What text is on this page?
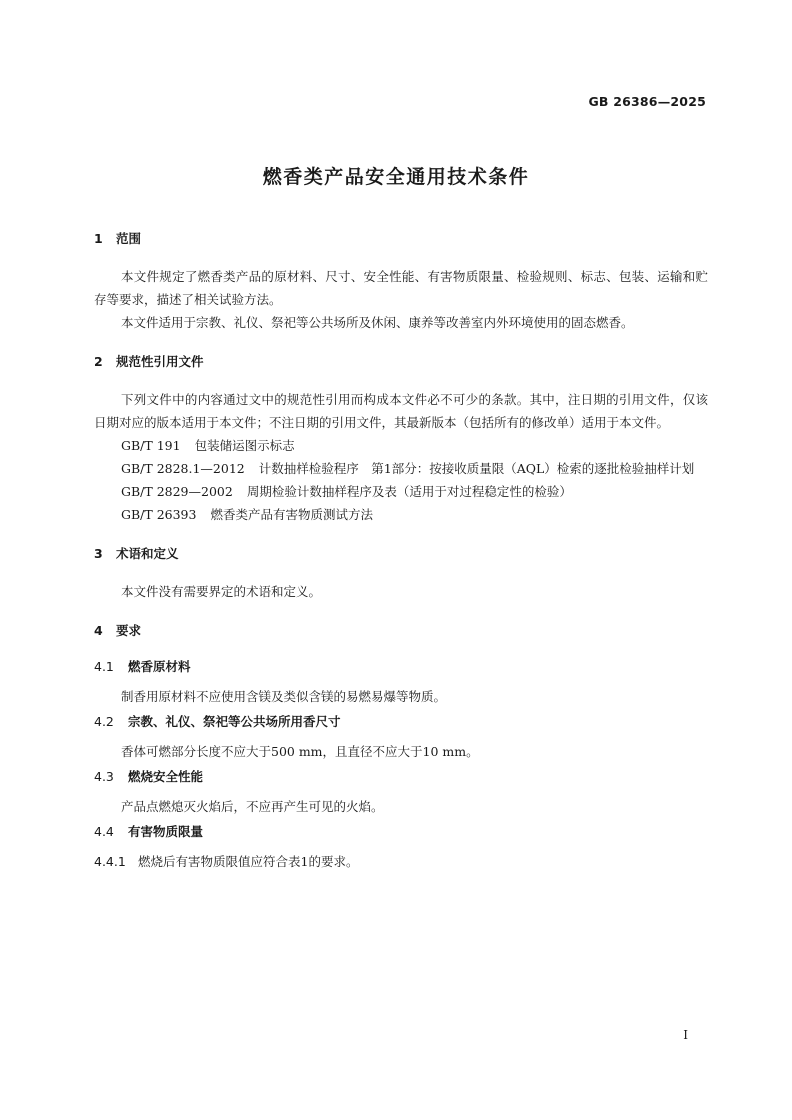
GB 26386—2025
燃香类产品安全通用技术条件
1	范围

本文件规定了燃香类产品的原材料、尺寸、安全性能、有害物质限量、检验规则、标志、包装、运输和贮存等要求，描述了相关试验方法。

本文件适用于宗教、礼仪、祭祀等公共场所及休闲、康养等改善室内外环境使用的固态燃香。

2	规范性引用文件

下列文件中的内容通过文中的规范性引用而构成本文件必不可少的条款。其中，注日期的引用文件，仅该日期对应的版本适用于本文件；不注日期的引用文件，其最新版本（包括所有的修改单）适用于本文件。

GB/T 191 包装储运图示标志

GB/T 2828.1—2012 计数抽样检验程序　第1部分：按接收质量限（AQL）检索的逐批检验抽样计划

GB/T 2829—2002 周期检验计数抽样程序及表（适用于对过程稳定性的检验）

GB/T 26393 燃香类产品有害物质测试方法

3	术语和定义

本文件没有需要界定的术语和定义。

4	要求
4.1	燃香原材料

制香用原材料不应使用含镁及类似含镁的易燃易爆等物质。

4.2	宗教、礼仪、祭祀等公共场所用香尺寸

香体可燃部分长度不应大于500 mm，且直径不应大于10 mm。

4.3	燃烧安全性能

产品点燃熄灭火焰后，不应再产生可见的火焰。

4.4	有害物质限量
4.4.1 燃烧后有害物质限值应符合表1的要求。
I
